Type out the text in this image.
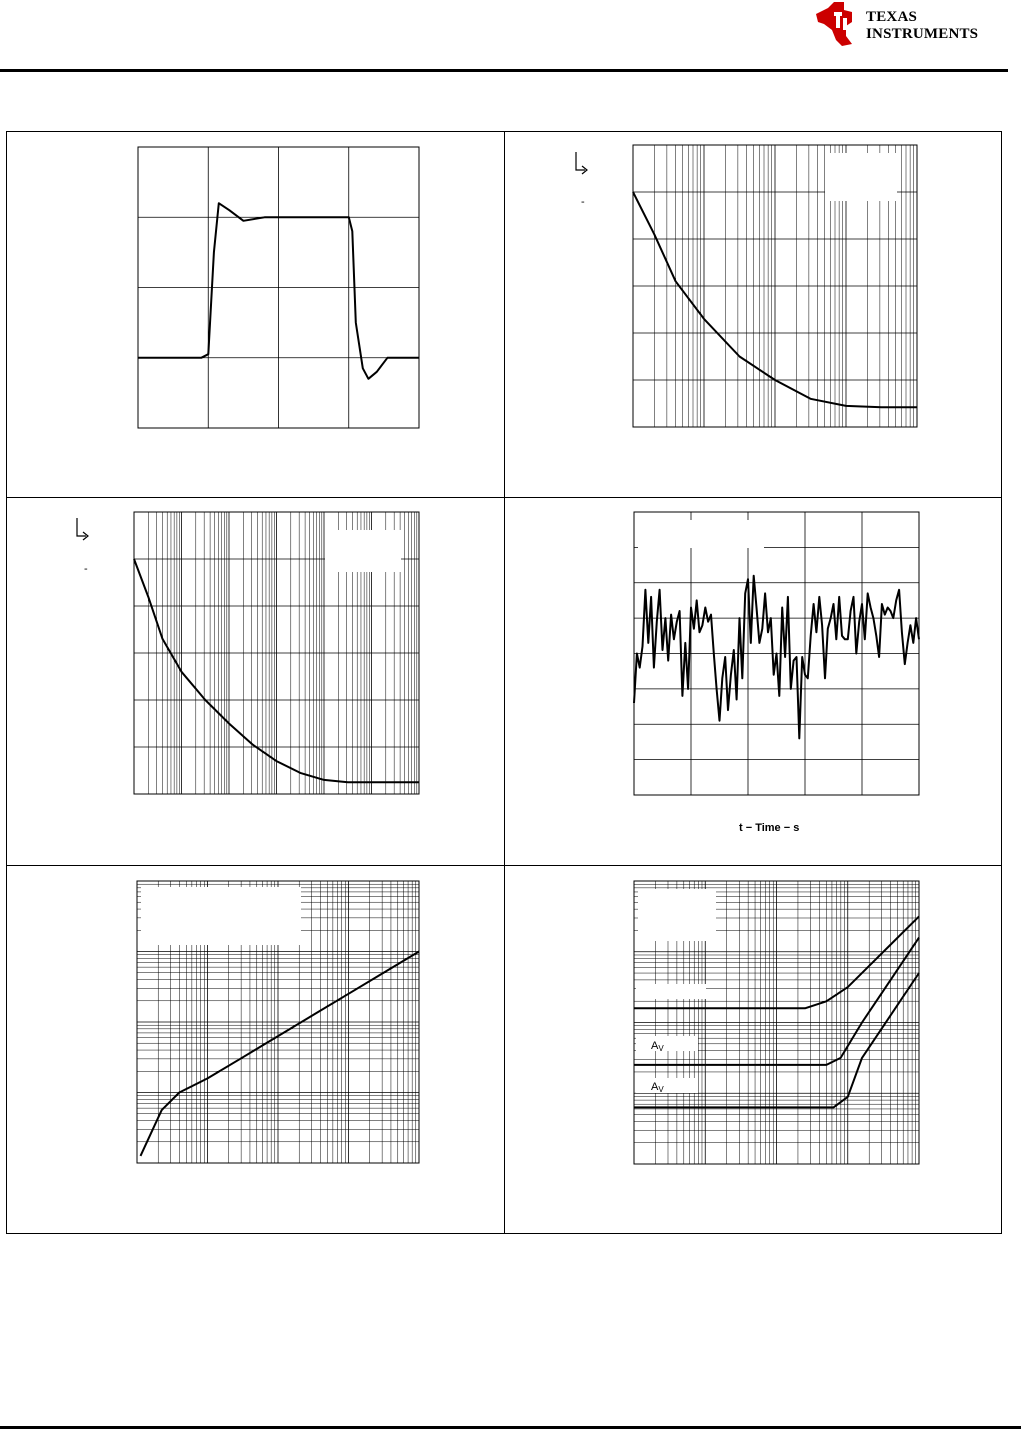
TEXAS
INSTRUMENTS
-
-
t − Time − s
$A_V$
$A_V$
